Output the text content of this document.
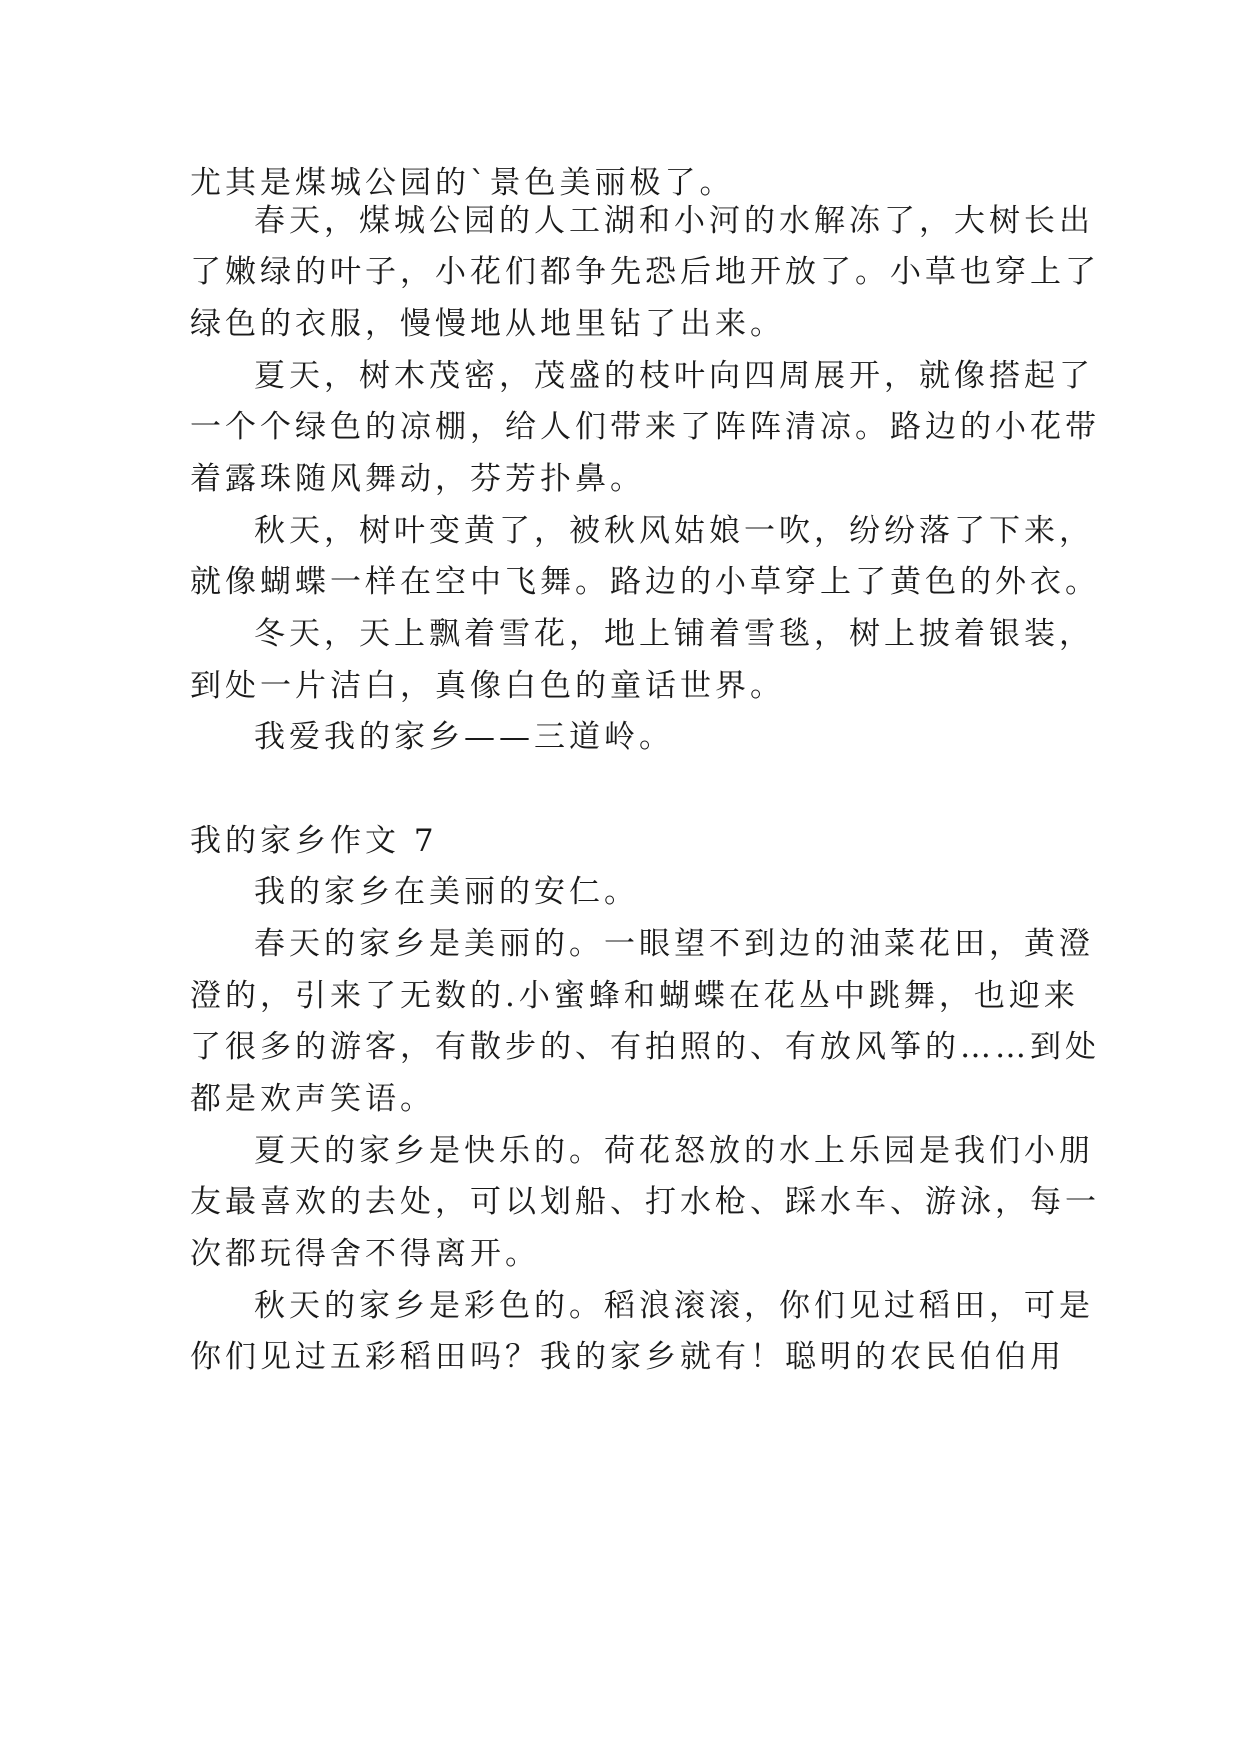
尤其是煤城公园的`景色美丽极了。
春天，煤城公园的人工湖和小河的水解冻了，大树长出
了嫩绿的叶子，小花们都争先恐后地开放了。小草也穿上了
绿色的衣服，慢慢地从地里钻了出来。
夏天，树木茂密，茂盛的枝叶向四周展开，就像搭起了
一个个绿色的凉棚，给人们带来了阵阵清凉。路边的小花带
着露珠随风舞动，芬芳扑鼻。
秋天，树叶变黄了，被秋风姑娘一吹，纷纷落了下来，
就像蝴蝶一样在空中飞舞。路边的小草穿上了黄色的外衣。
冬天，天上飘着雪花，地上铺着雪毯，树上披着银装，
到处一片洁白，真像白色的童话世界。
我爱我的家乡——三道岭。
我的家乡作文 7
我的家乡在美丽的安仁。
春天的家乡是美丽的。一眼望不到边的油菜花田，黄澄
澄的，引来了无数的.小蜜蜂和蝴蝶在花丛中跳舞，也迎来
了很多的游客，有散步的、有拍照的、有放风筝的……到处
都是欢声笑语。
夏天的家乡是快乐的。荷花怒放的水上乐园是我们小朋
友最喜欢的去处，可以划船、打水枪、踩水车、游泳，每一
次都玩得舍不得离开。
秋天的家乡是彩色的。稻浪滚滚，你们见过稻田，可是
你们见过五彩稻田吗？我的家乡就有！聪明的农民伯伯用
